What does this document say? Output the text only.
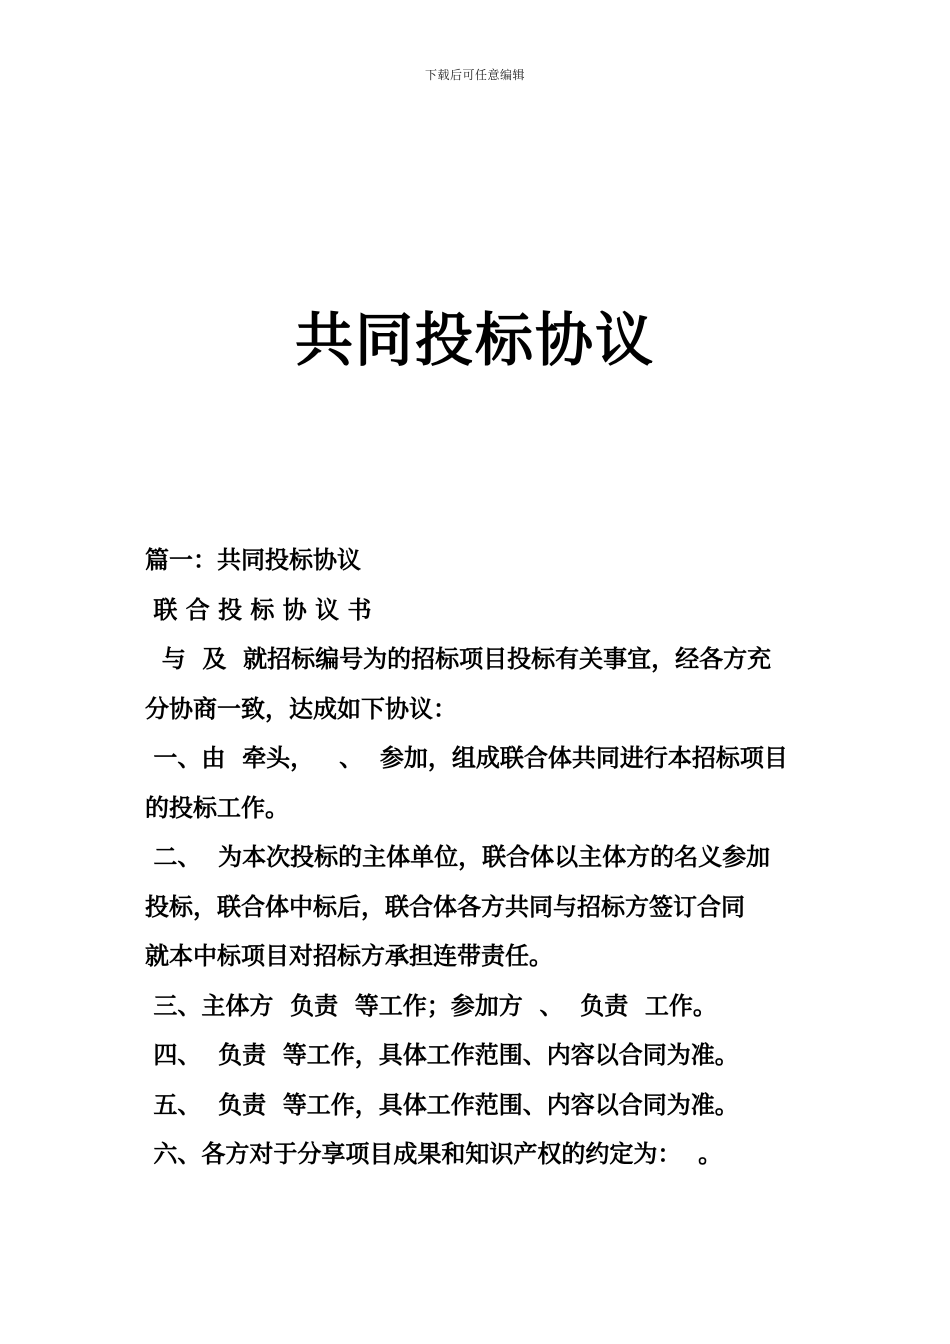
下载后可任意编辑
共同投标协议
篇一：共同投标协议
联 合 投 标 协 议 书
与  及  就招标编号为的招标项目投标有关事宜，经各方充
分协商一致，达成如下协议：
一、由  牵头，   、  参加，组成联合体共同进行本招标项目
的投标工作。
二、  为本次投标的主体单位，联合体以主体方的名义参加
投标，联合体中标后，联合体各方共同与招标方签订合同
就本中标项目对招标方承担连带责任。
三、主体方  负责  等工作；参加方  、  负责  工作。
四、  负责  等工作，具体工作范围、内容以合同为准。
五、  负责  等工作，具体工作范围、内容以合同为准。
六、各方对于分享项目成果和知识产权的约定为：  。
